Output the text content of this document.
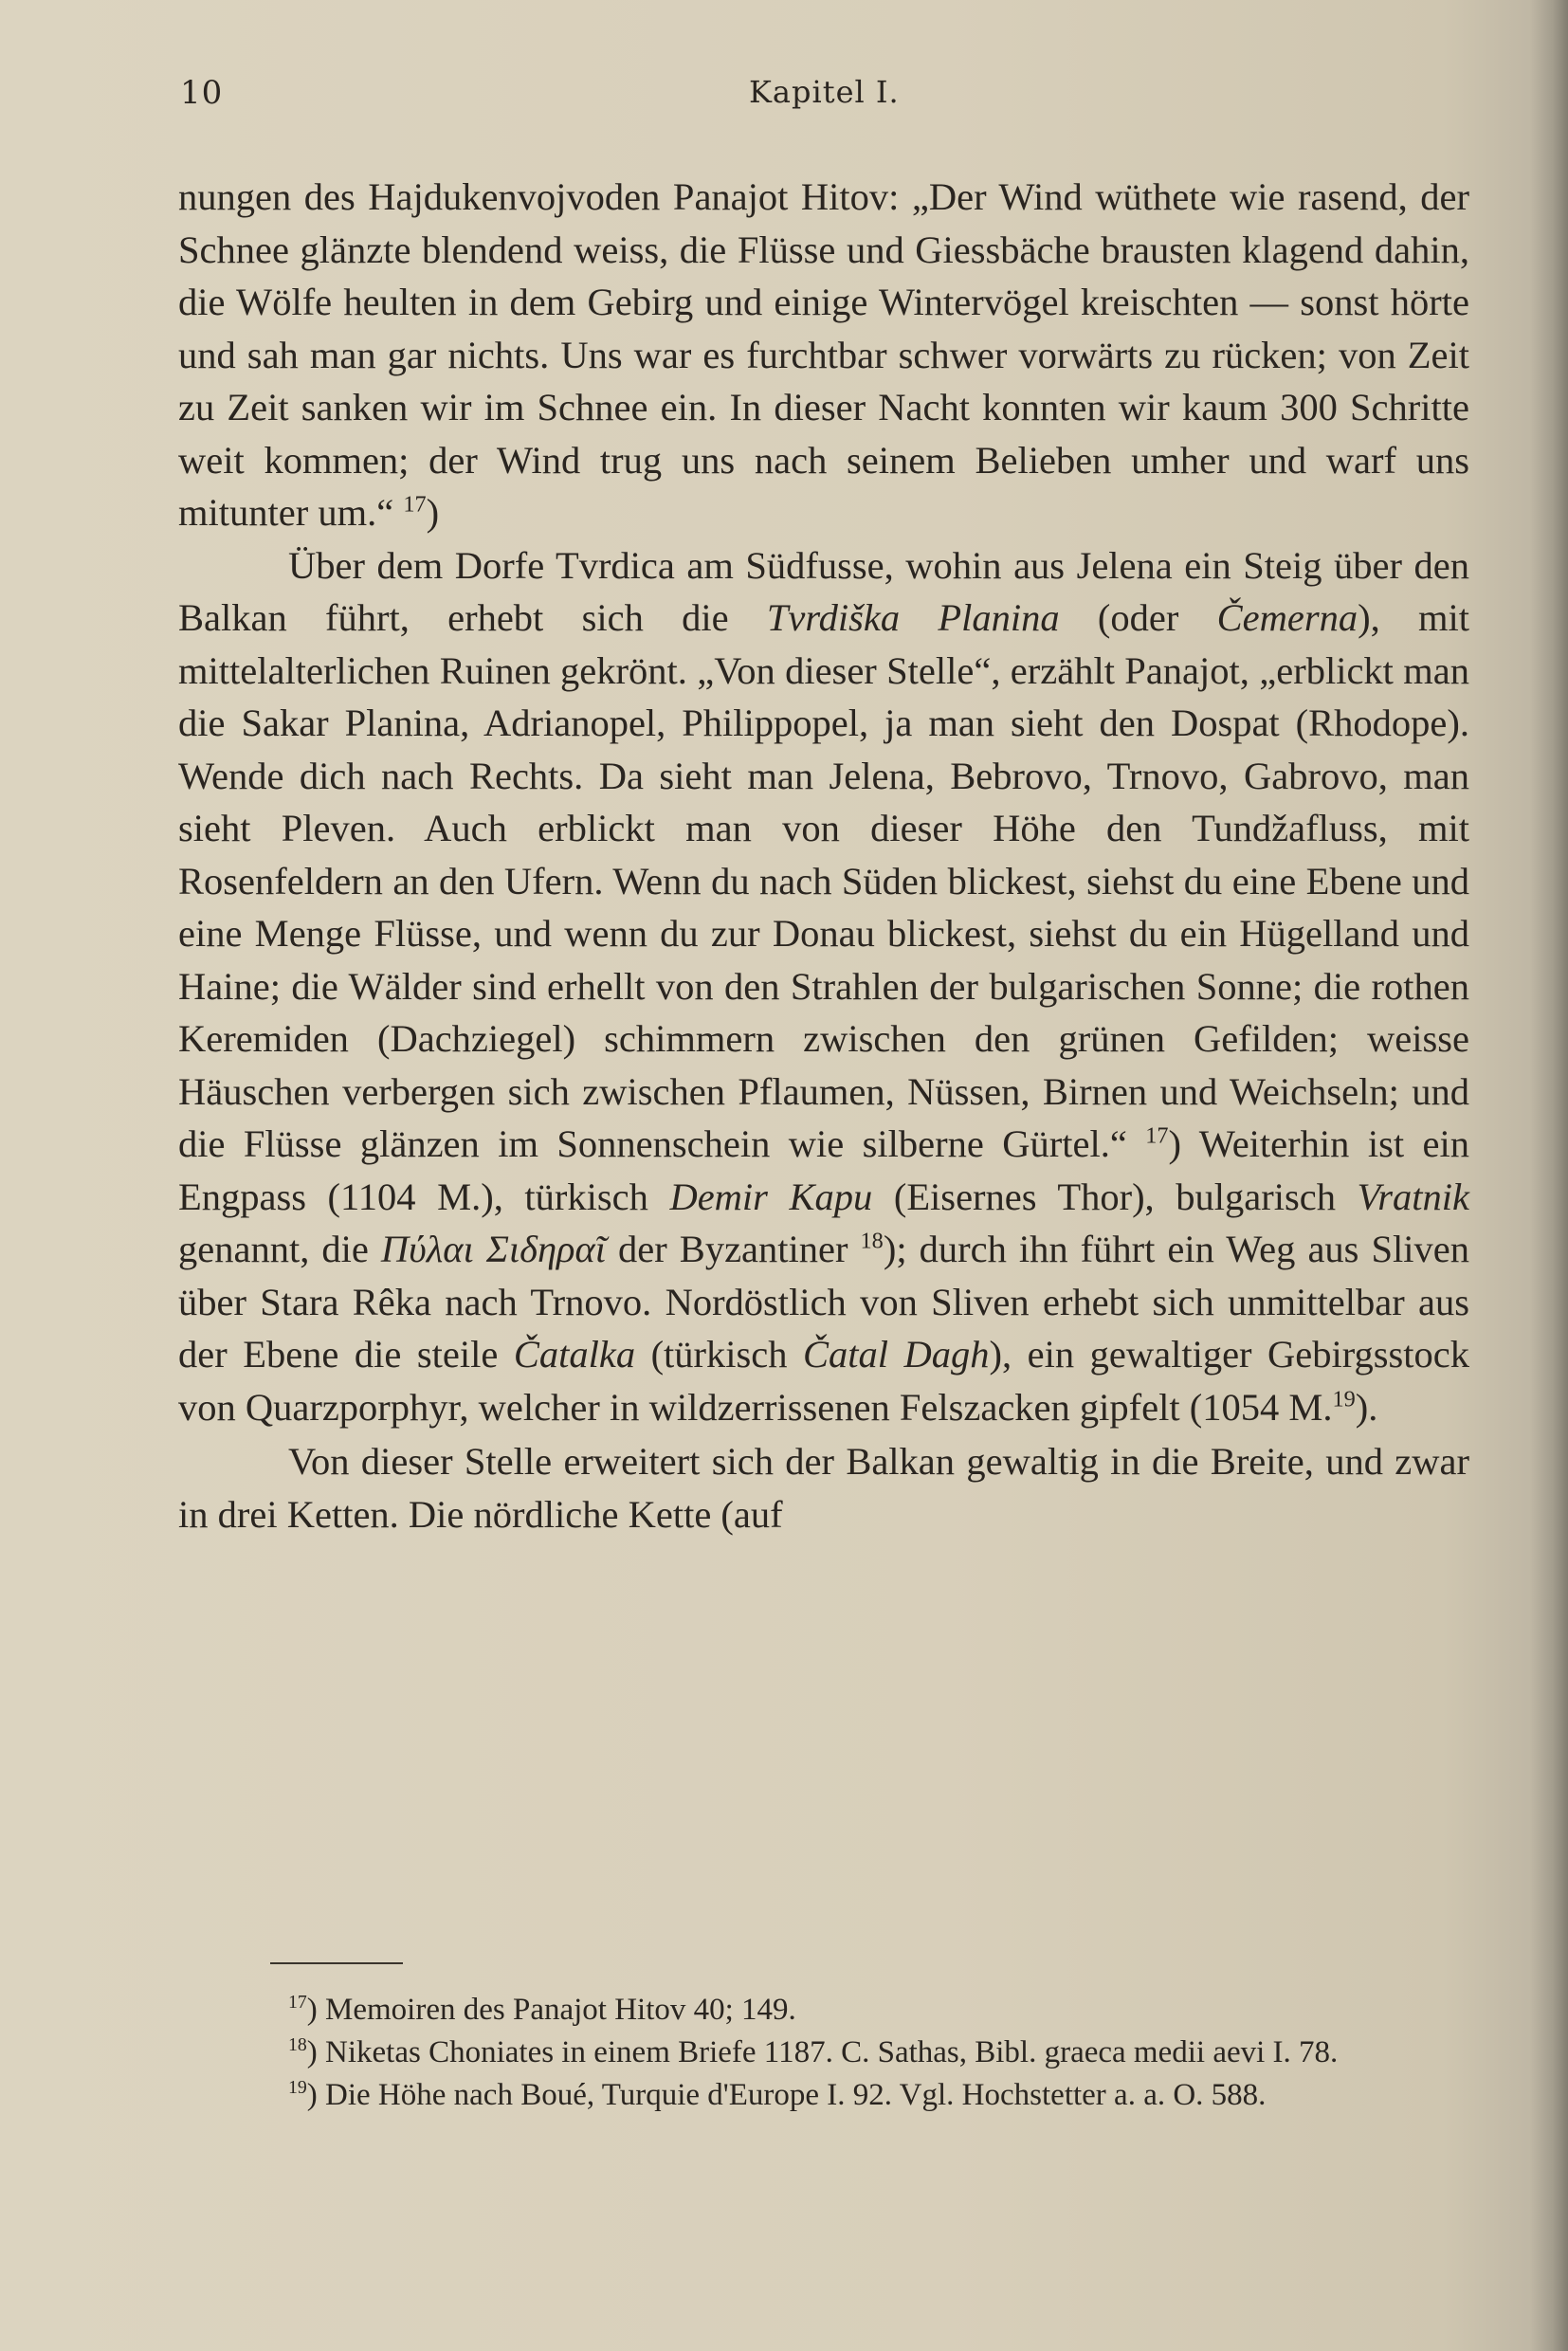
10	Kapitel I.

nungen des Hajdukenvojvoden Panajot Hitov: „Der Wind wüthete wie rasend, der Schnee glänzte blendend weiss, die Flüsse und Giessbäche brausten klagend dahin, die Wölfe heulten in dem Gebirg und einige Wintervögel kreischten — sonst hörte und sah man gar nichts. Uns war es furchtbar schwer vorwärts zu rücken; von Zeit zu Zeit sanken wir im Schnee ein. In dieser Nacht konnten wir kaum 300 Schritte weit kommen; der Wind trug uns nach seinem Belieben umher und warf uns mitunter um.“ $^{17}$)

Über dem Dorfe Tvrdica am Südfusse, wohin aus Jelena ein Steig über den Balkan führt, erhebt sich die Tvrdiška Planina (oder Čemerna), mit mittelalterlichen Ruinen gekrönt. „Von dieser Stelle“, erzählt Panajot, „erblickt man die Sakar Planina, Adrianopel, Philippopel, ja man sieht den Dospat (Rhodope). Wende dich nach Rechts. Da sieht man Jelena, Bebrovo, Trnovo, Gabrovo, man sieht Pleven. Auch erblickt man von dieser Höhe den Tundžafluss, mit Rosenfeldern an den Ufern. Wenn du nach Süden blickest, siehst du eine Ebene und eine Menge Flüsse, und wenn du zur Donau blickest, siehst du ein Hügelland und Haine; die Wälder sind erhellt von den Strahlen der bulgarischen Sonne; die rothen Keremiden (Dachziegel) schimmern zwischen den grünen Gefilden; weisse Häuschen verbergen sich zwischen Pflaumen, Nüssen, Birnen und Weichseln; und die Flüsse glänzen im Sonnenschein wie silberne Gürtel.“ $^{17}$) Weiterhin ist ein Engpass (1104 M.), türkisch Demir Kapu (Eisernes Thor), bulgarisch Vratnik genannt, die Πύλαι Σιδηραῖ der Byzantiner $^{18}$); durch ihn führt ein Weg aus Sliven über Stara Rêka nach Trnovo. Nordöstlich von Sliven erhebt sich unmittelbar aus der Ebene die steile Čatalka (türkisch Čatal Dagh), ein gewaltiger Gebirgsstock von Quarzporphyr, welcher in wildzerrissenen Felszacken gipfelt (1054 M.$^{19}$).

Von dieser Stelle erweitert sich der Balkan gewaltig in die Breite, und zwar in drei Ketten. Die nördliche Kette (auf

$^{17}$) Memoiren des Panajot Hitov 40; 149.

$^{18}$) Niketas Choniates in einem Briefe 1187. C. Sathas, Bibl. graeca medii aevi I. 78.

$^{19}$) Die Höhe nach Boué, Turquie d'Europe I. 92. Vgl. Hochstetter a. a. O. 588.
